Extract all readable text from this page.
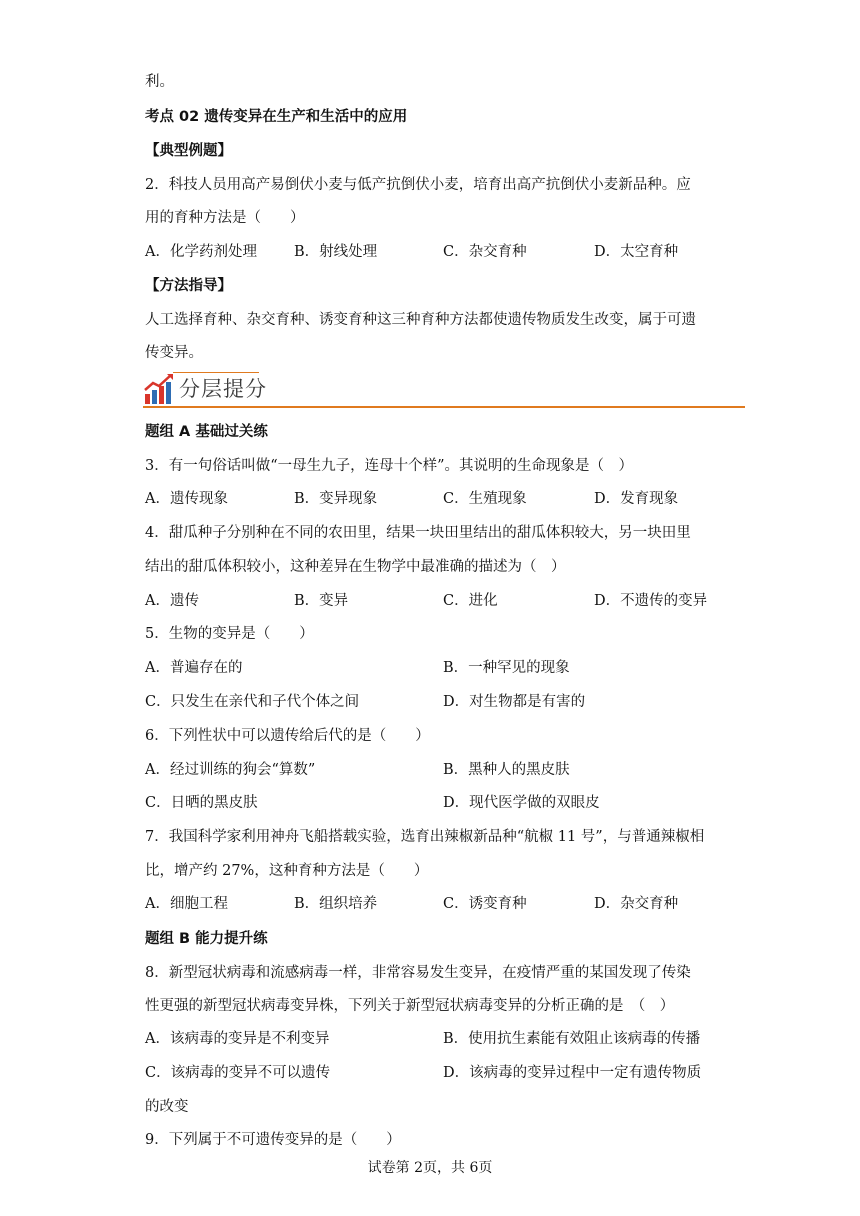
利。
考点 02 遗传变异在生产和生活中的应用
【典型例题】
2．科技人员用高产易倒伏小麦与低产抗倒伏小麦，培育出高产抗倒伏小麦新品种。应
用的育种方法是（　　）
A．化学药剂处理	B．射线处理	C．杂交育种	D．太空育种
【方法指导】
人工选择育种、杂交育种、诱变育种这三种育种方法都使遗传物质发生改变，属于可遗
传变异。
分层提分
题组 A 基础过关练
3．有一句俗话叫做“一母生九子，连母十个样”。其说明的生命现象是（　）
A．遗传现象	B．变异现象	C．生殖现象	D．发育现象
4．甜瓜种子分别种在不同的农田里，结果一块田里结出的甜瓜体积较大，另一块田里
结出的甜瓜体积较小，这种差异在生物学中最准确的描述为（　）
A．遗传	B．变异	C．进化	D．不遗传的变异
5．生物的变异是（　　）
A．普遍存在的	B．一种罕见的现象
C．只发生在亲代和子代个体之间	D．对生物都是有害的
6．下列性状中可以遗传给后代的是（　　）
A．经过训练的狗会“算数”	B．黑种人的黑皮肤
C．日晒的黑皮肤	D．现代医学做的双眼皮
7．我国科学家利用神舟飞船搭载实验，选育出辣椒新品种“航椒 11 号”，与普通辣椒相
比，增产约 27%，这种育种方法是（　　）
A．细胞工程	B．组织培养	C．诱变育种	D．杂交育种
题组 B 能力提升练
8．新型冠状病毒和流感病毒一样，非常容易发生变异，在疫情严重的某国发现了传染
性更强的新型冠状病毒变异株，下列关于新型冠状病毒变异的分析正确的是　（　）
A．该病毒的变异是不利变异	B．使用抗生素能有效阻止该病毒的传播
C．该病毒的变异不可以遗传	D．该病毒的变异过程中一定有遗传物质
的改变
9．下列属于不可遗传变异的是（　　）
试卷第 2页，共 6页
